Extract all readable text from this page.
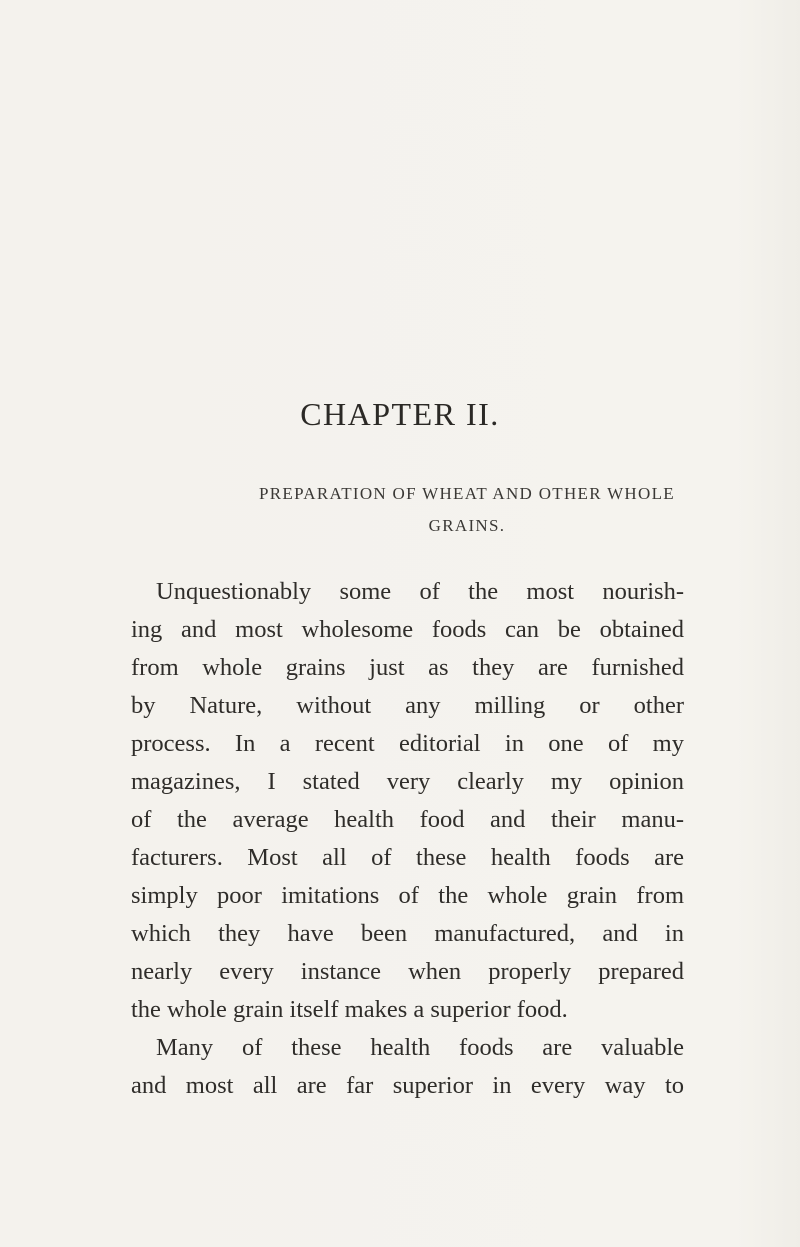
CHAPTER II.
PREPARATION OF WHEAT AND OTHER WHOLE
GRAINS.
Unquestionably some of the most nourish-
ing and most wholesome foods can be obtained
from whole grains just as they are furnished
by Nature, without any milling or other
process. In a recent editorial in one of my
magazines, I stated very clearly my opinion
of the average health food and their manu-
facturers. Most all of these health foods are
simply poor imitations of the whole grain from
which they have been manufactured, and in
nearly every instance when properly prepared
the whole grain itself makes a superior food.
Many of these health foods are valuable
and most all are far superior in every way to
